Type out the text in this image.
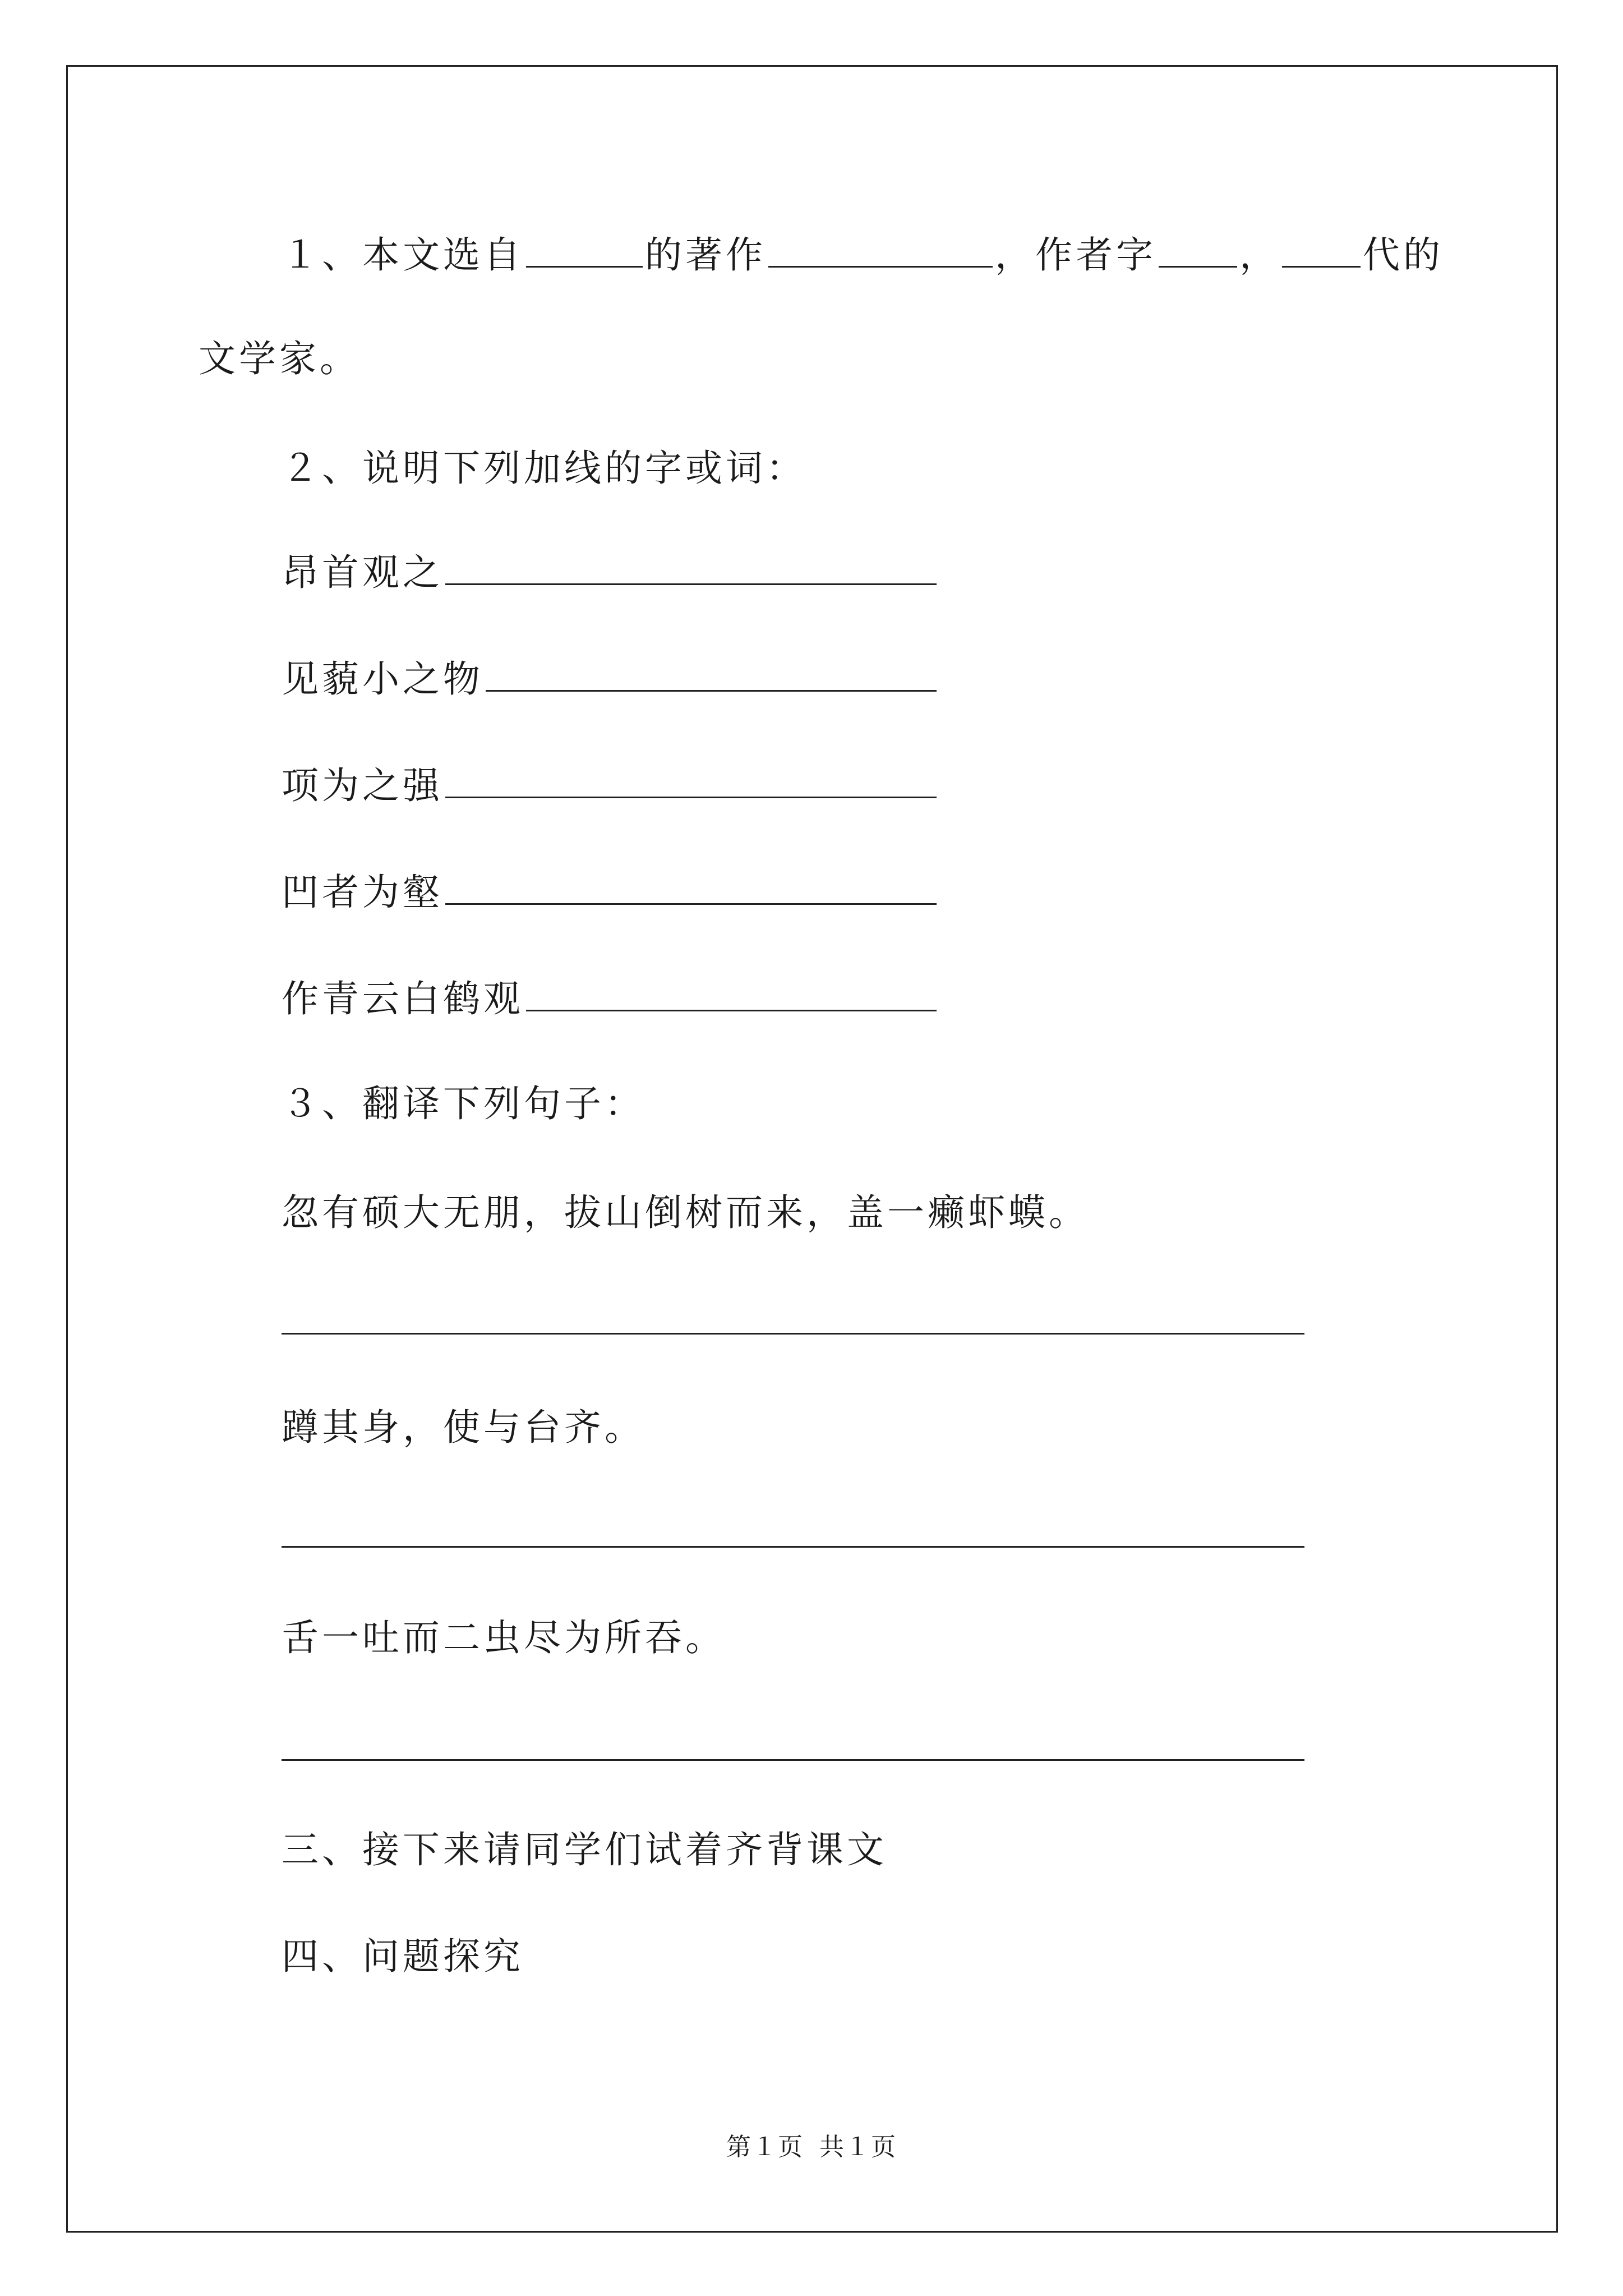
１、本文选自	的著作	，作者字 ， 代的
文学家。
２、说明下列加线的字或词：
昂首观之
见藐小之物
项为之强
凹者为壑
作青云白鹤观
３、翻译下列句子：
忽有硕大无朋，拔山倒树而来，盖一癞虾蟆。
蹲其身，使与台齐。
舌一吐而二虫尽为所吞。
三、接下来请同学们试着齐背课文
四、问题探究
第１页 共１页
